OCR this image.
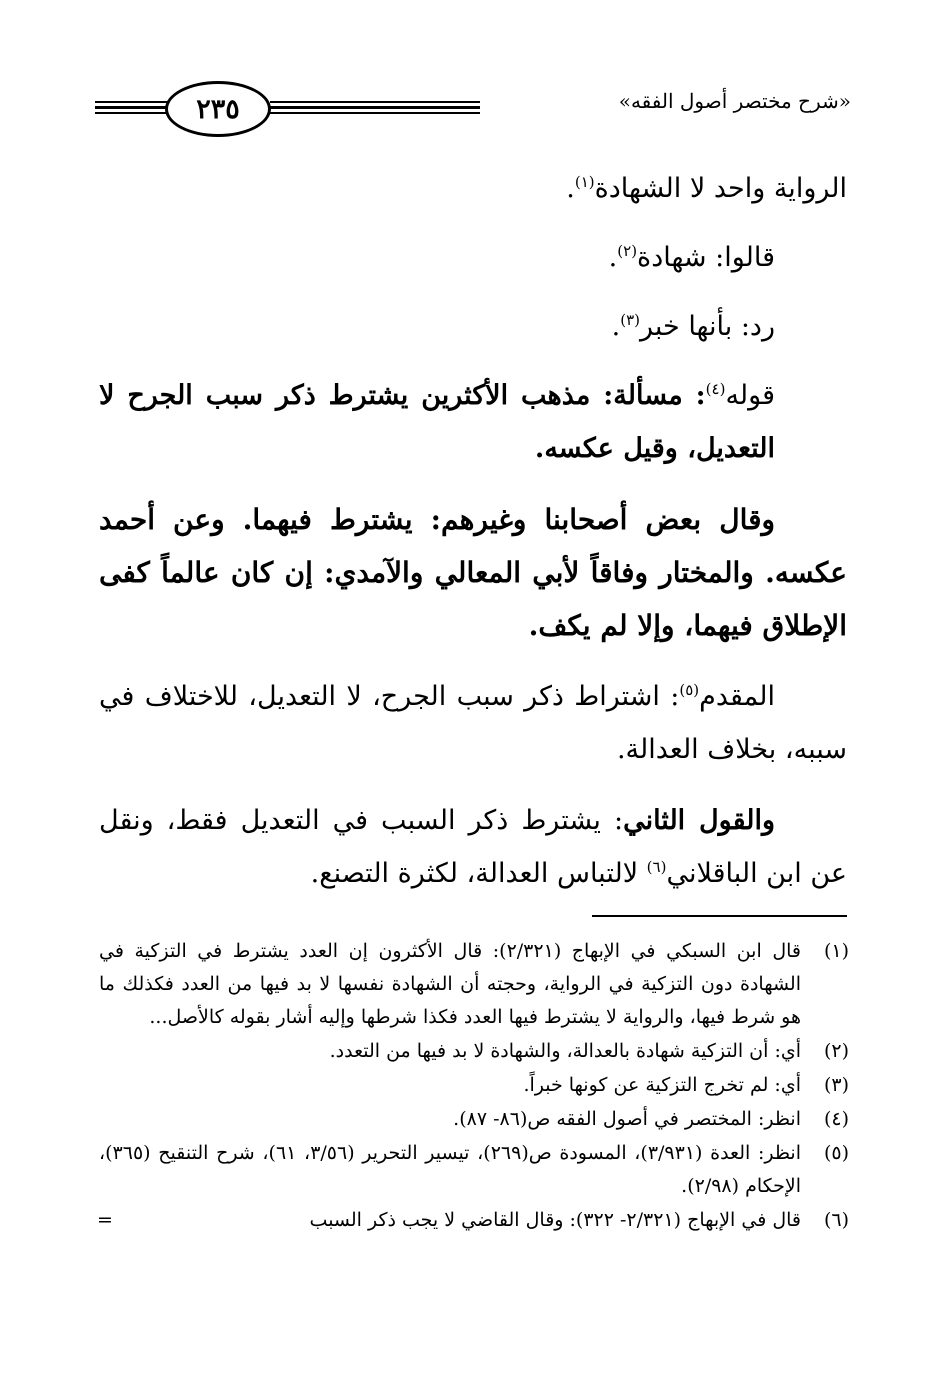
٢٣٥	«شرح مختصر أصول الفقه»

الرواية واحد لا الشهادة$^{(١)}$.

قالوا: شهادة$^{(٢)}$.

رد: بأنها خبر$^{(٣)}$.

قوله$^{(٤)}$: مسألة: مذهب الأكثرين يشترط ذكر سبب الجرح لا التعديل، وقيل عكسه.

وقال بعض أصحابنا وغيرهم: يشترط فيهما. وعن أحمد عكسه. والمختار وفاقاً لأبي المعالي والآمدي: إن كان عالماً كفى الإطلاق فيهما، وإلا لم يكف.

المقدم$^{(٥)}$: اشتراط ذكر سبب الجرح، لا التعديل، للاختلاف في سببه، بخلاف العدالة.

والقول الثاني: يشترط ذكر السبب في التعديل فقط، ونقل عن ابن الباقلاني$^{(٦)}$ لالتباس العدالة، لكثرة التصنع.

(١)
قال ابن السبكي في الإبهاج (٢/٣٢١): قال الأكثرون إن العدد يشترط في التزكية في الشهادة دون التزكية في الرواية، وحجته أن الشهادة نفسها لا بد فيها من العدد فكذلك ما هو شرط فيها، والرواية لا يشترط فيها العدد فكذا شرطها وإليه أشار بقوله كالأصل...
(٢)
أي: أن التزكية شهادة بالعدالة، والشهادة لا بد فيها من التعدد.
(٣)
أي: لم تخرج التزكية عن كونها خبراً.
(٤)
انظر: المختصر في أصول الفقه ص(٨٦- ٨٧).
(٥)
انظر: العدة (٣/٩٣١)، المسودة ص(٢٦٩)، تيسير التحرير (٣/٥٦، ٦١)، شرح التنقيح (٣٦٥)، الإحكام (٢/٩٨).
(٦)
قال في الإبهاج (٢/٣٢١- ٣٢٢): وقال القاضي لا يجب ذكر السبب
=
